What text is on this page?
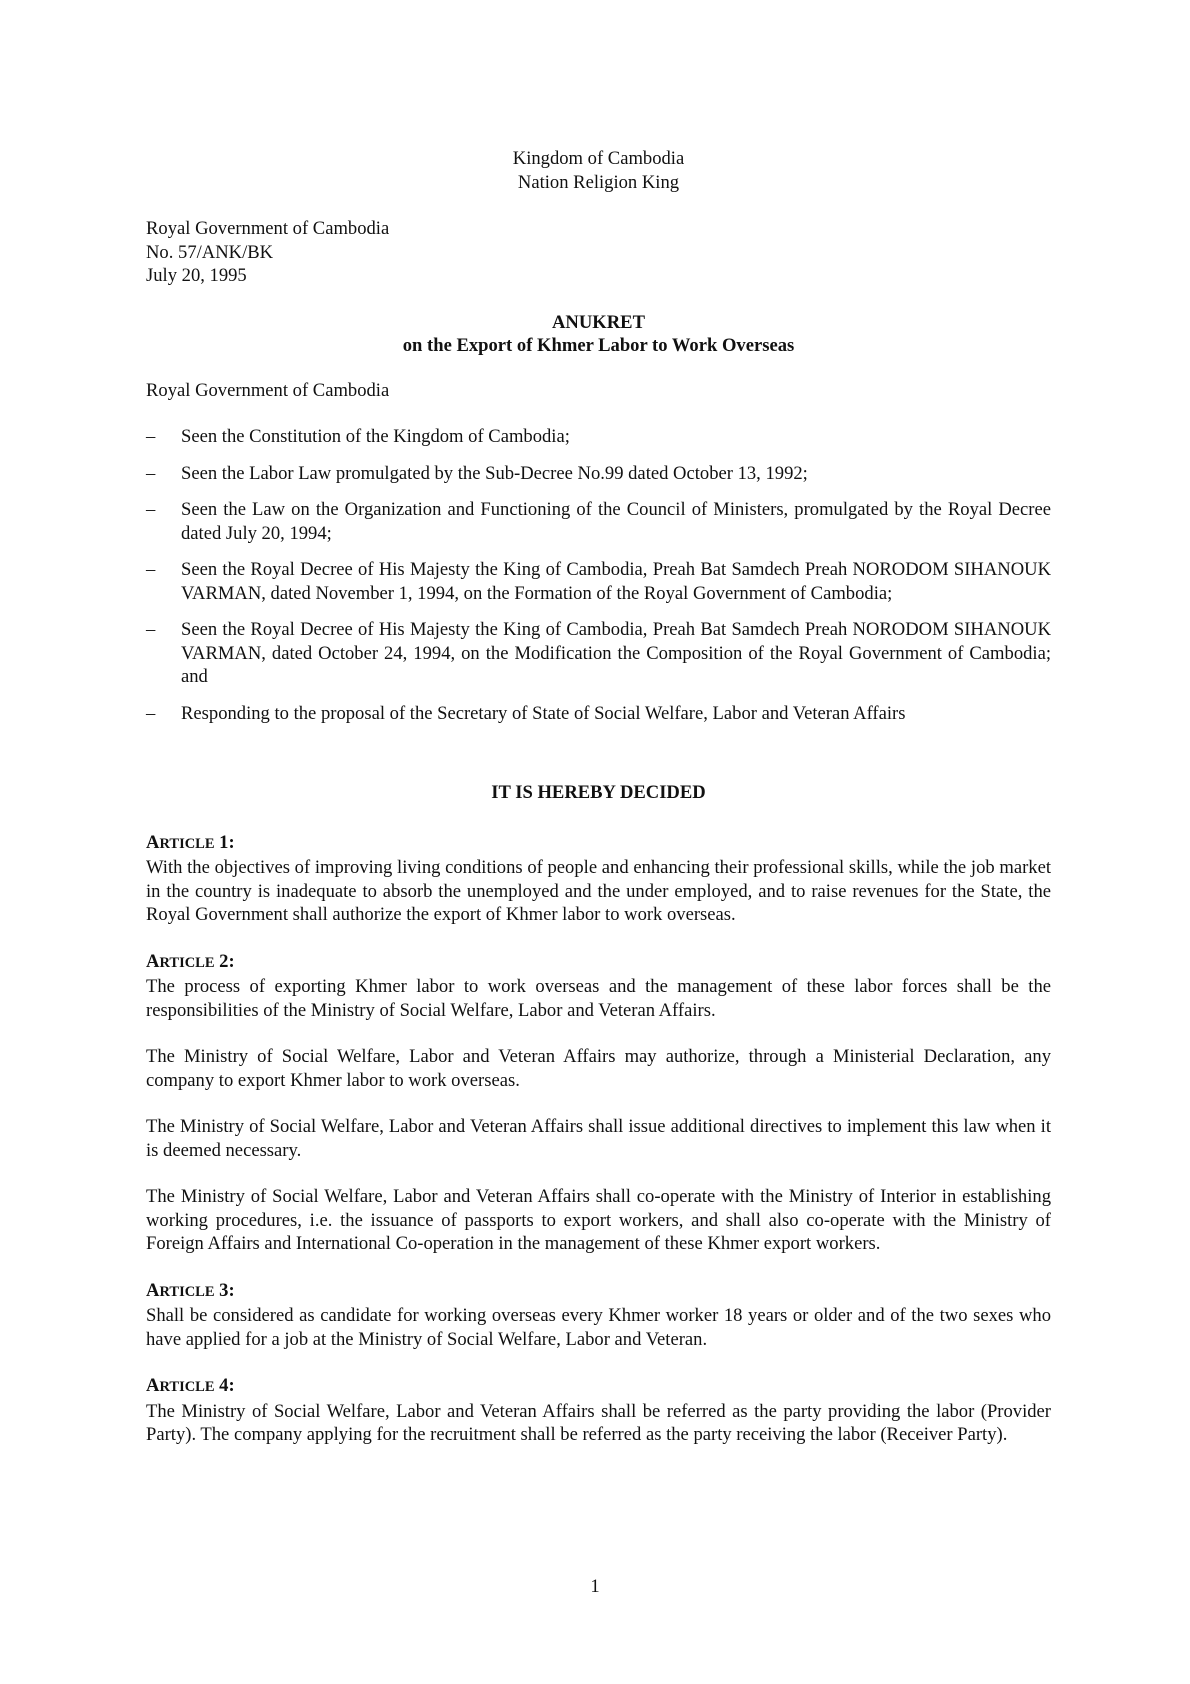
Kingdom of Cambodia

Nation Religion King

Royal Government of Cambodia

No. 57/ANK/BK

July 20, 1995

ANUKRET

on the Export of Khmer Labor to Work Overseas

Royal Government of Cambodia

– Seen the Constitution of the Kingdom of Cambodia;
– Seen the Labor Law promulgated by the Sub-Decree No.99 dated October 13, 1992;
– Seen the Law on the Organization and Functioning of the Council of Ministers, promulgated by the Royal Decree dated July 20, 1994;
– Seen the Royal Decree of His Majesty the King of Cambodia, Preah Bat Samdech Preah NORODOM SIHANOUK VARMAN, dated November 1, 1994, on the Formation of the Royal Government of Cambodia;
– Seen the Royal Decree of His Majesty the King of Cambodia, Preah Bat Samdech Preah NORODOM SIHANOUK VARMAN, dated October 24, 1994, on the Modification the Composition of the Royal Government of Cambodia; and
– Responding to the proposal of the Secretary of State of Social Welfare, Labor and Veteran Affairs

IT IS HEREBY DECIDED

ARTICLE 1:

With the objectives of improving living conditions of people and enhancing their professional skills, while the job market in the country is inadequate to absorb the unemployed and the under employed, and to raise revenues for the State, the Royal Government shall authorize the export of Khmer labor to work overseas.

ARTICLE 2:

The process of exporting Khmer labor to work overseas and the management of these labor forces shall be the responsibilities of the Ministry of Social Welfare, Labor and Veteran Affairs.

The Ministry of Social Welfare, Labor and Veteran Affairs may authorize, through a Ministerial Declaration, any company to export Khmer labor to work overseas.

The Ministry of Social Welfare, Labor and Veteran Affairs shall issue additional directives to implement this law when it is deemed necessary.

The Ministry of Social Welfare, Labor and Veteran Affairs shall co-operate with the Ministry of Interior in establishing working procedures, i.e. the issuance of passports to export workers, and shall also co-operate with the Ministry of Foreign Affairs and International Co-operation in the management of these Khmer export workers.

ARTICLE 3:

Shall be considered as candidate for working overseas every Khmer worker 18 years or older and of the two sexes who have applied for a job at the Ministry of Social Welfare, Labor and Veteran.

ARTICLE 4:

The Ministry of Social Welfare, Labor and Veteran Affairs shall be referred as the party providing the labor (Provider Party). The company applying for the recruitment shall be referred as the party receiving the labor (Receiver Party).

1
